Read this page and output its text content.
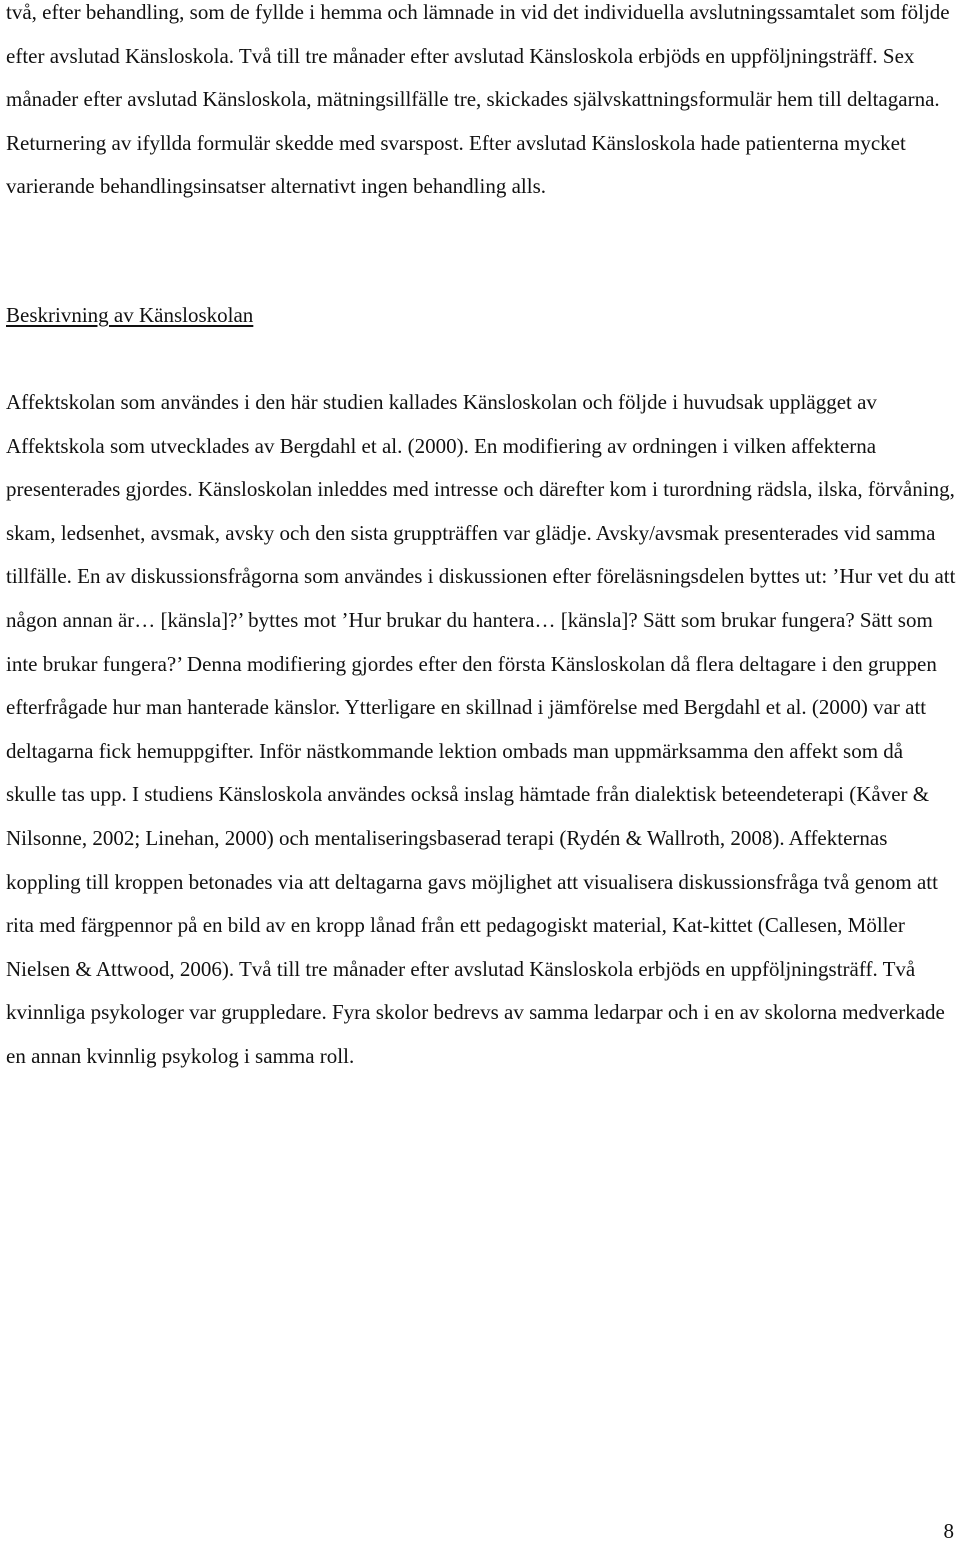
två, efter behandling, som de fyllde i hemma och lämnade in vid det individuella avslutningssamtalet som följde efter avslutad Känsloskola. Två till tre månader efter avslutad Känsloskola erbjöds en uppföljningsträff. Sex månader efter avslutad Känsloskola, mätningsillfälle tre, skickades självskattningsformulär hem till deltagarna. Returnering av ifyllda formulär skedde med svarspost. Efter avslutad Känsloskola hade patienterna mycket varierande behandlingsinsatser alternativt ingen behandling alls.

Beskrivning av Känsloskolan

Affektskolan som användes i den här studien kallades Känsloskolan och följde i huvudsak upplägget av Affektskola som utvecklades av Bergdahl et al. (2000). En modifiering av ordningen i vilken affekterna presenterades gjordes. Känsloskolan inleddes med intresse och därefter kom i turordning rädsla, ilska, förvåning, skam, ledsenhet, avsmak, avsky och den sista gruppträffen var glädje. Avsky/avsmak presenterades vid samma tillfälle. En av diskussionsfrågorna som användes i diskussionen efter föreläsningsdelen byttes ut: ’Hur vet du att någon annan är… [känsla]?’ byttes mot ’Hur brukar du hantera… [känsla]? Sätt som brukar fungera? Sätt som inte brukar fungera?’ Denna modifiering gjordes efter den första Känsloskolan då flera deltagare i den gruppen efterfrågade hur man hanterade känslor. Ytterligare en skillnad i jämförelse med Bergdahl et al. (2000) var att deltagarna fick hemuppgifter. Inför nästkommande lektion ombads man uppmärksamma den affekt som då skulle tas upp. I studiens Känsloskola användes också inslag hämtade från dialektisk beteendeterapi (Kåver & Nilsonne, 2002; Linehan, 2000) och mentaliseringsbaserad terapi (Rydén & Wallroth, 2008). Affekternas koppling till kroppen betonades via att deltagarna gavs möjlighet att visualisera diskussionsfråga två genom att rita med färgpennor på en bild av en kropp lånad från ett pedagogiskt material, Kat-kittet (Callesen, Möller Nielsen & Attwood, 2006). Två till tre månader efter avslutad Känsloskola erbjöds en uppföljningsträff. Två kvinnliga psykologer var gruppledare. Fyra skolor bedrevs av samma ledarpar och i en av skolorna medverkade en annan kvinnlig psykolog i samma roll.

8
